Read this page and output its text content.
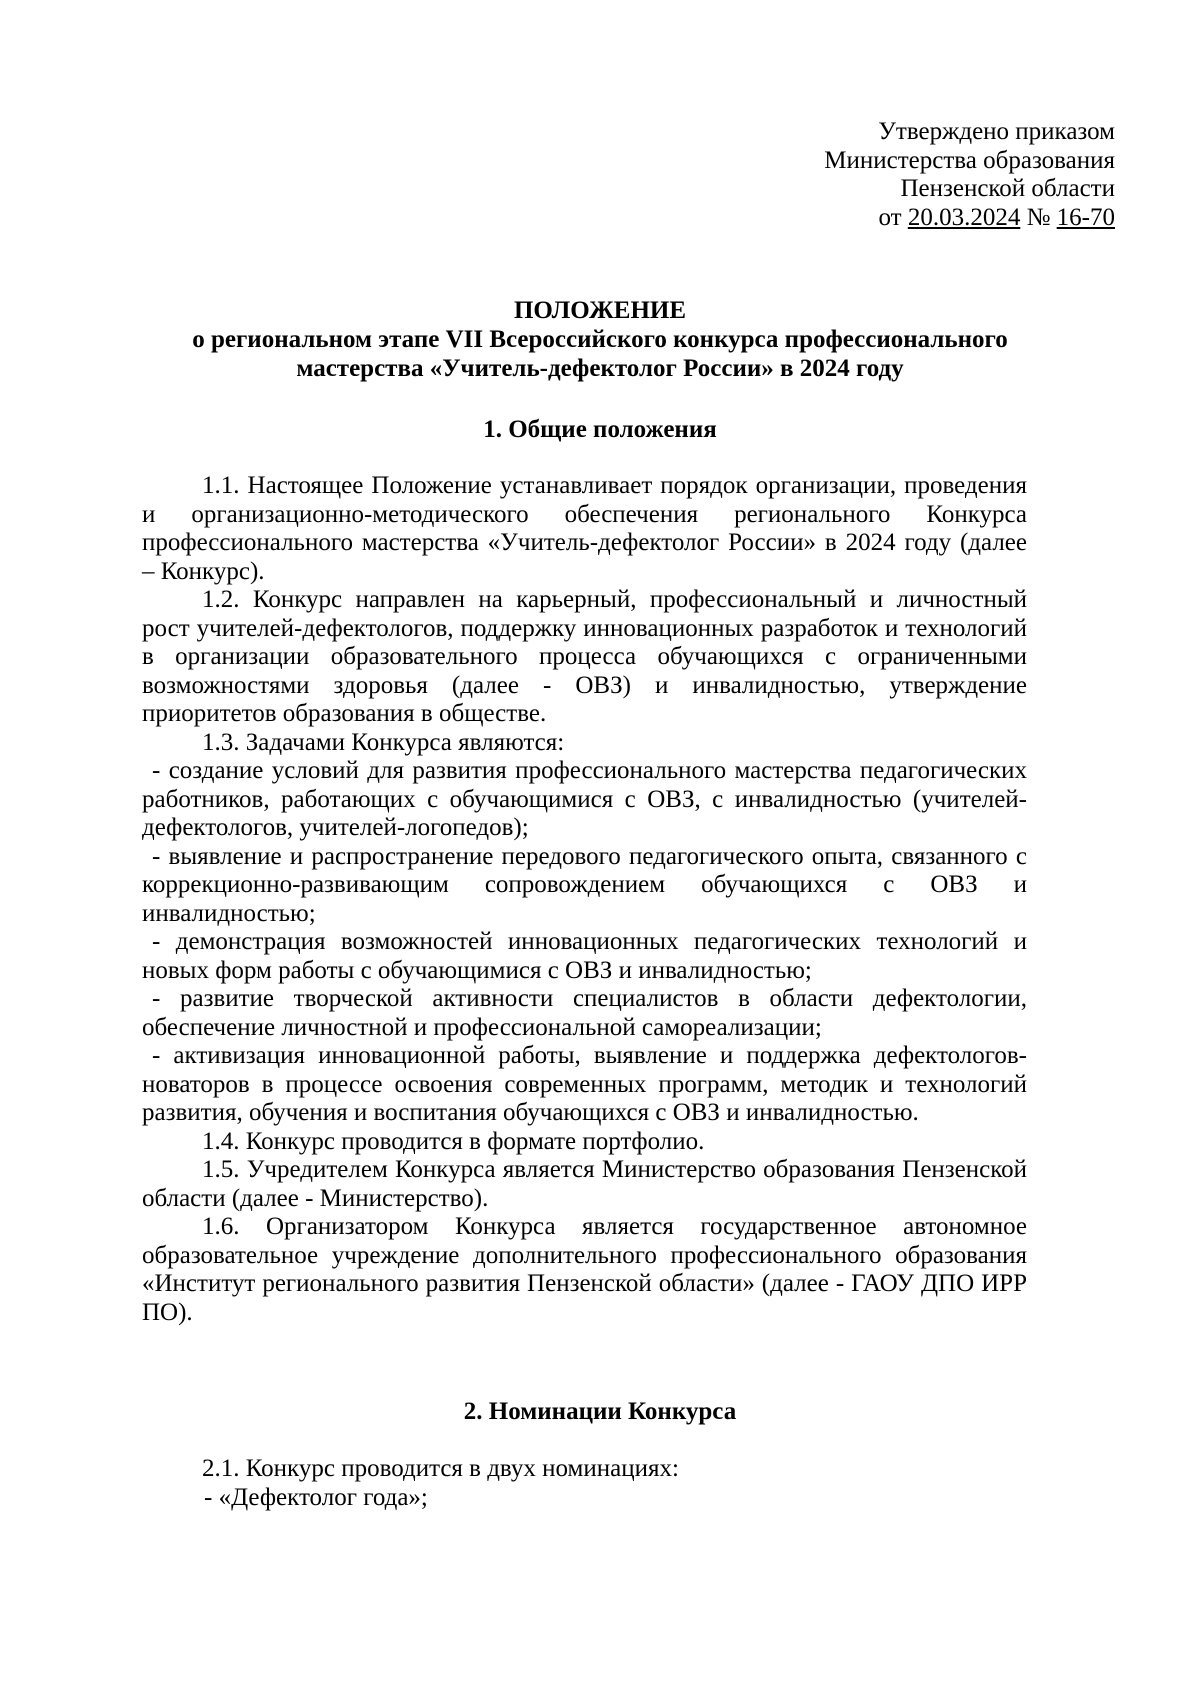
Утверждено приказом
Министерства образования
Пензенской области
от 20.03.2024 № 16-70
ПОЛОЖЕНИЕ
о региональном этапе VII Всероссийского конкурса профессионального
мастерства «Учитель-дефектолог России» в 2024 году
1. Общие положения

1.1. Настоящее Положение устанавливает порядок организации, проведения и организационно-методического обеспечения регионального Конкурса профессионального мастерства «Учитель-дефектолог России» в 2024 году (далее – Конкурс).

1.2. Конкурс направлен на карьерный, профессиональный и личностный рост учителей-дефектологов, поддержку инновационных разработок и технологий в организации образовательного процесса обучающихся с ограниченными возможностями здоровья (далее - ОВЗ) и инвалидностью, утверждение приоритетов образования в обществе.

1.3. Задачами Конкурса являются:

- создание условий для развития профессионального мастерства педагогических работников, работающих с обучающимися с ОВЗ, с инвалидностью (учителей-дефектологов, учителей-логопедов);

- выявление и распространение передового педагогического опыта, связанного с коррекционно-развивающим сопровождением обучающихся с ОВЗ и инвалидностью;

- демонстрация возможностей инновационных педагогических технологий и новых форм работы с обучающимися с ОВЗ и инвалидностью;

- развитие творческой активности специалистов в области дефектологии, обеспечение личностной и профессиональной самореализации;

- активизация инновационной работы, выявление и поддержка дефектологов-новаторов в процессе освоения современных программ, методик и технологий развития, обучения и воспитания обучающихся с ОВЗ и инвалидностью.

1.4. Конкурс проводится в формате портфолио.

1.5. Учредителем Конкурса является Министерство образования Пензенской области (далее - Министерство).

1.6. Организатором Конкурса является государственное автономное образовательное учреждение дополнительного профессионального образования «Институт регионального развития Пензенской области» (далее - ГАОУ ДПО ИРР ПО).

2. Номинации Конкурса

2.1. Конкурс проводится в двух номинациях:

- «Дефектолог года»;
